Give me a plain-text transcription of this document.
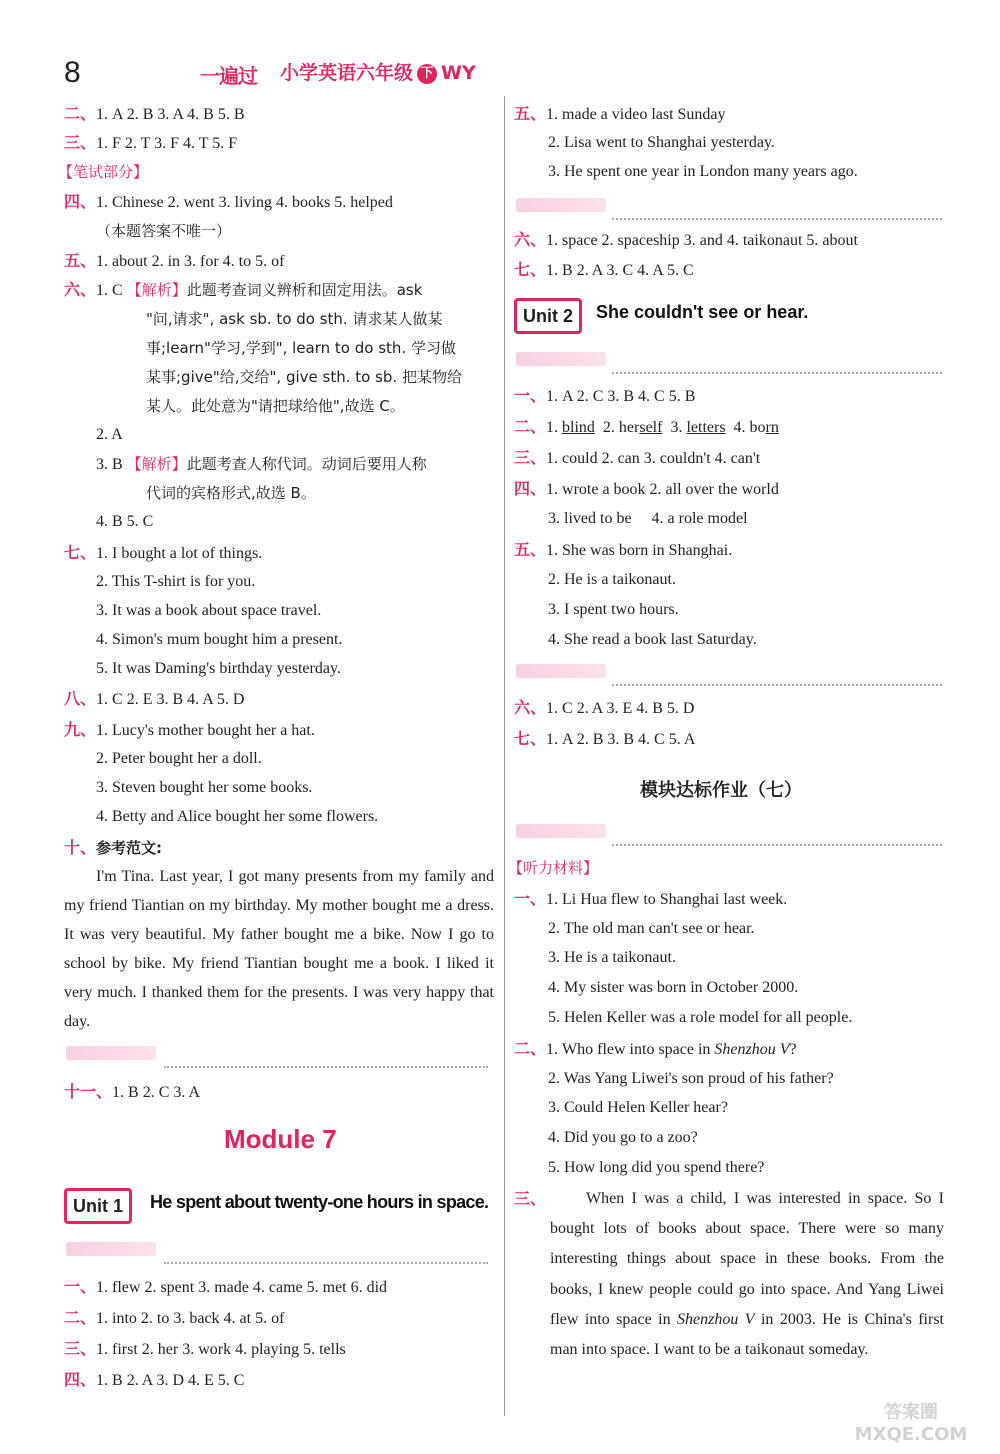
8	一遍过 小学英语六年级 下 WY
二、1. A 2. B 3. A 4. B 5. B
三、1. F 2. T 3. F 4. T 5. F
【笔试部分】
四、1. Chinese 2. went 3. living 4. books 5. helped
（本题答案不唯一）
五、1. about 2. in 3. for 4. to 5. of
六、1. C 【解析】此题考查词义辨析和固定用法。ask
"问,请求", ask sb. to do sth. 请求某人做某
事;learn"学习,学到", learn to do sth. 学习做
某事;give"给,交给", give sth. to sb. 把某物给
某人。此处意为"请把球给他",故选 C。
2. A
3. B 【解析】此题考查人称代词。动词后要用人称
代词的宾格形式,故选 B。
4. B 5. C
七、1. I bought a lot of things.
2. This T-shirt is for you.
3. It was a book about space travel.
4. Simon's mum bought him a present.
5. It was Daming's birthday yesterday.
八、1. C 2. E 3. B 4. A 5. D
九、1. Lucy's mother bought her a hat.
2. Peter bought her a doll.
3. Steven bought her some books.
4. Betty and Alice bought her some flowers.
十、参考范文:
I'm Tina. Last year, I got many presents from my family and my friend Tiantian on my birthday. My mother bought me a dress. It was very beautiful. My father bought me a bike. Now I go to school by bike. My friend Tiantian bought me a book. I liked it very much. I thanked them for the presents. I was very happy that day.
十一、1. B 2. C 3. A
Module 7
Unit 1	He spent about twenty-one hours in space.
一、1. flew 2. spent 3. made 4. came 5. met 6. did
二、1. into 2. to 3. back 4. at 5. of
三、1. first 2. her 3. work 4. playing 5. tells
四、1. B 2. A 3. D 4. E 5. C
五、1. made a video last Sunday
2. Lisa went to Shanghai yesterday.
3. He spent one year in London many years ago.
六、1. space 2. spaceship 3. and 4. taikonaut 5. about
七、1. B 2. A 3. C 4. A 5. C
Unit 2	She couldn't see or hear.
一、1. A 2. C 3. B 4. C 5. B
二、1. blind 2. herself 3. letters 4. born
三、1. could 2. can 3. couldn't 4. can't
四、1. wrote a book 2. all over the world
3. lived to be     4. a role model
五、1. She was born in Shanghai.
2. He is a taikonaut.
3. I spent two hours.
4. She read a book last Saturday.
六、1. C 2. A 3. E 4. B 5. D
七、1. A 2. B 3. B 4. C 5. A
模块达标作业（七）
【听力材料】
一、1. Li Hua flew to Shanghai last week.
2. The old man can't see or hear.
3. He is a taikonaut.
4. My sister was born in October 2000.
5. Helen Keller was a role model for all people.
二、1. Who flew into space in Shenzhou V?
2. Was Yang Liwei's son proud of his father?
3. Could Helen Keller hear?
4. Did you go to a zoo?
5. How long did you spend there?
三、	When I was a child, I was interested in space. So I bought lots of books about space. There were so many interesting things about space in these books. From the books, I knew people could go into space. And Yang Liwei flew into space in Shenzhou V in 2003. He is China's first man into space. I want to be a taikonaut someday.
答案圈 MXQE.COM
